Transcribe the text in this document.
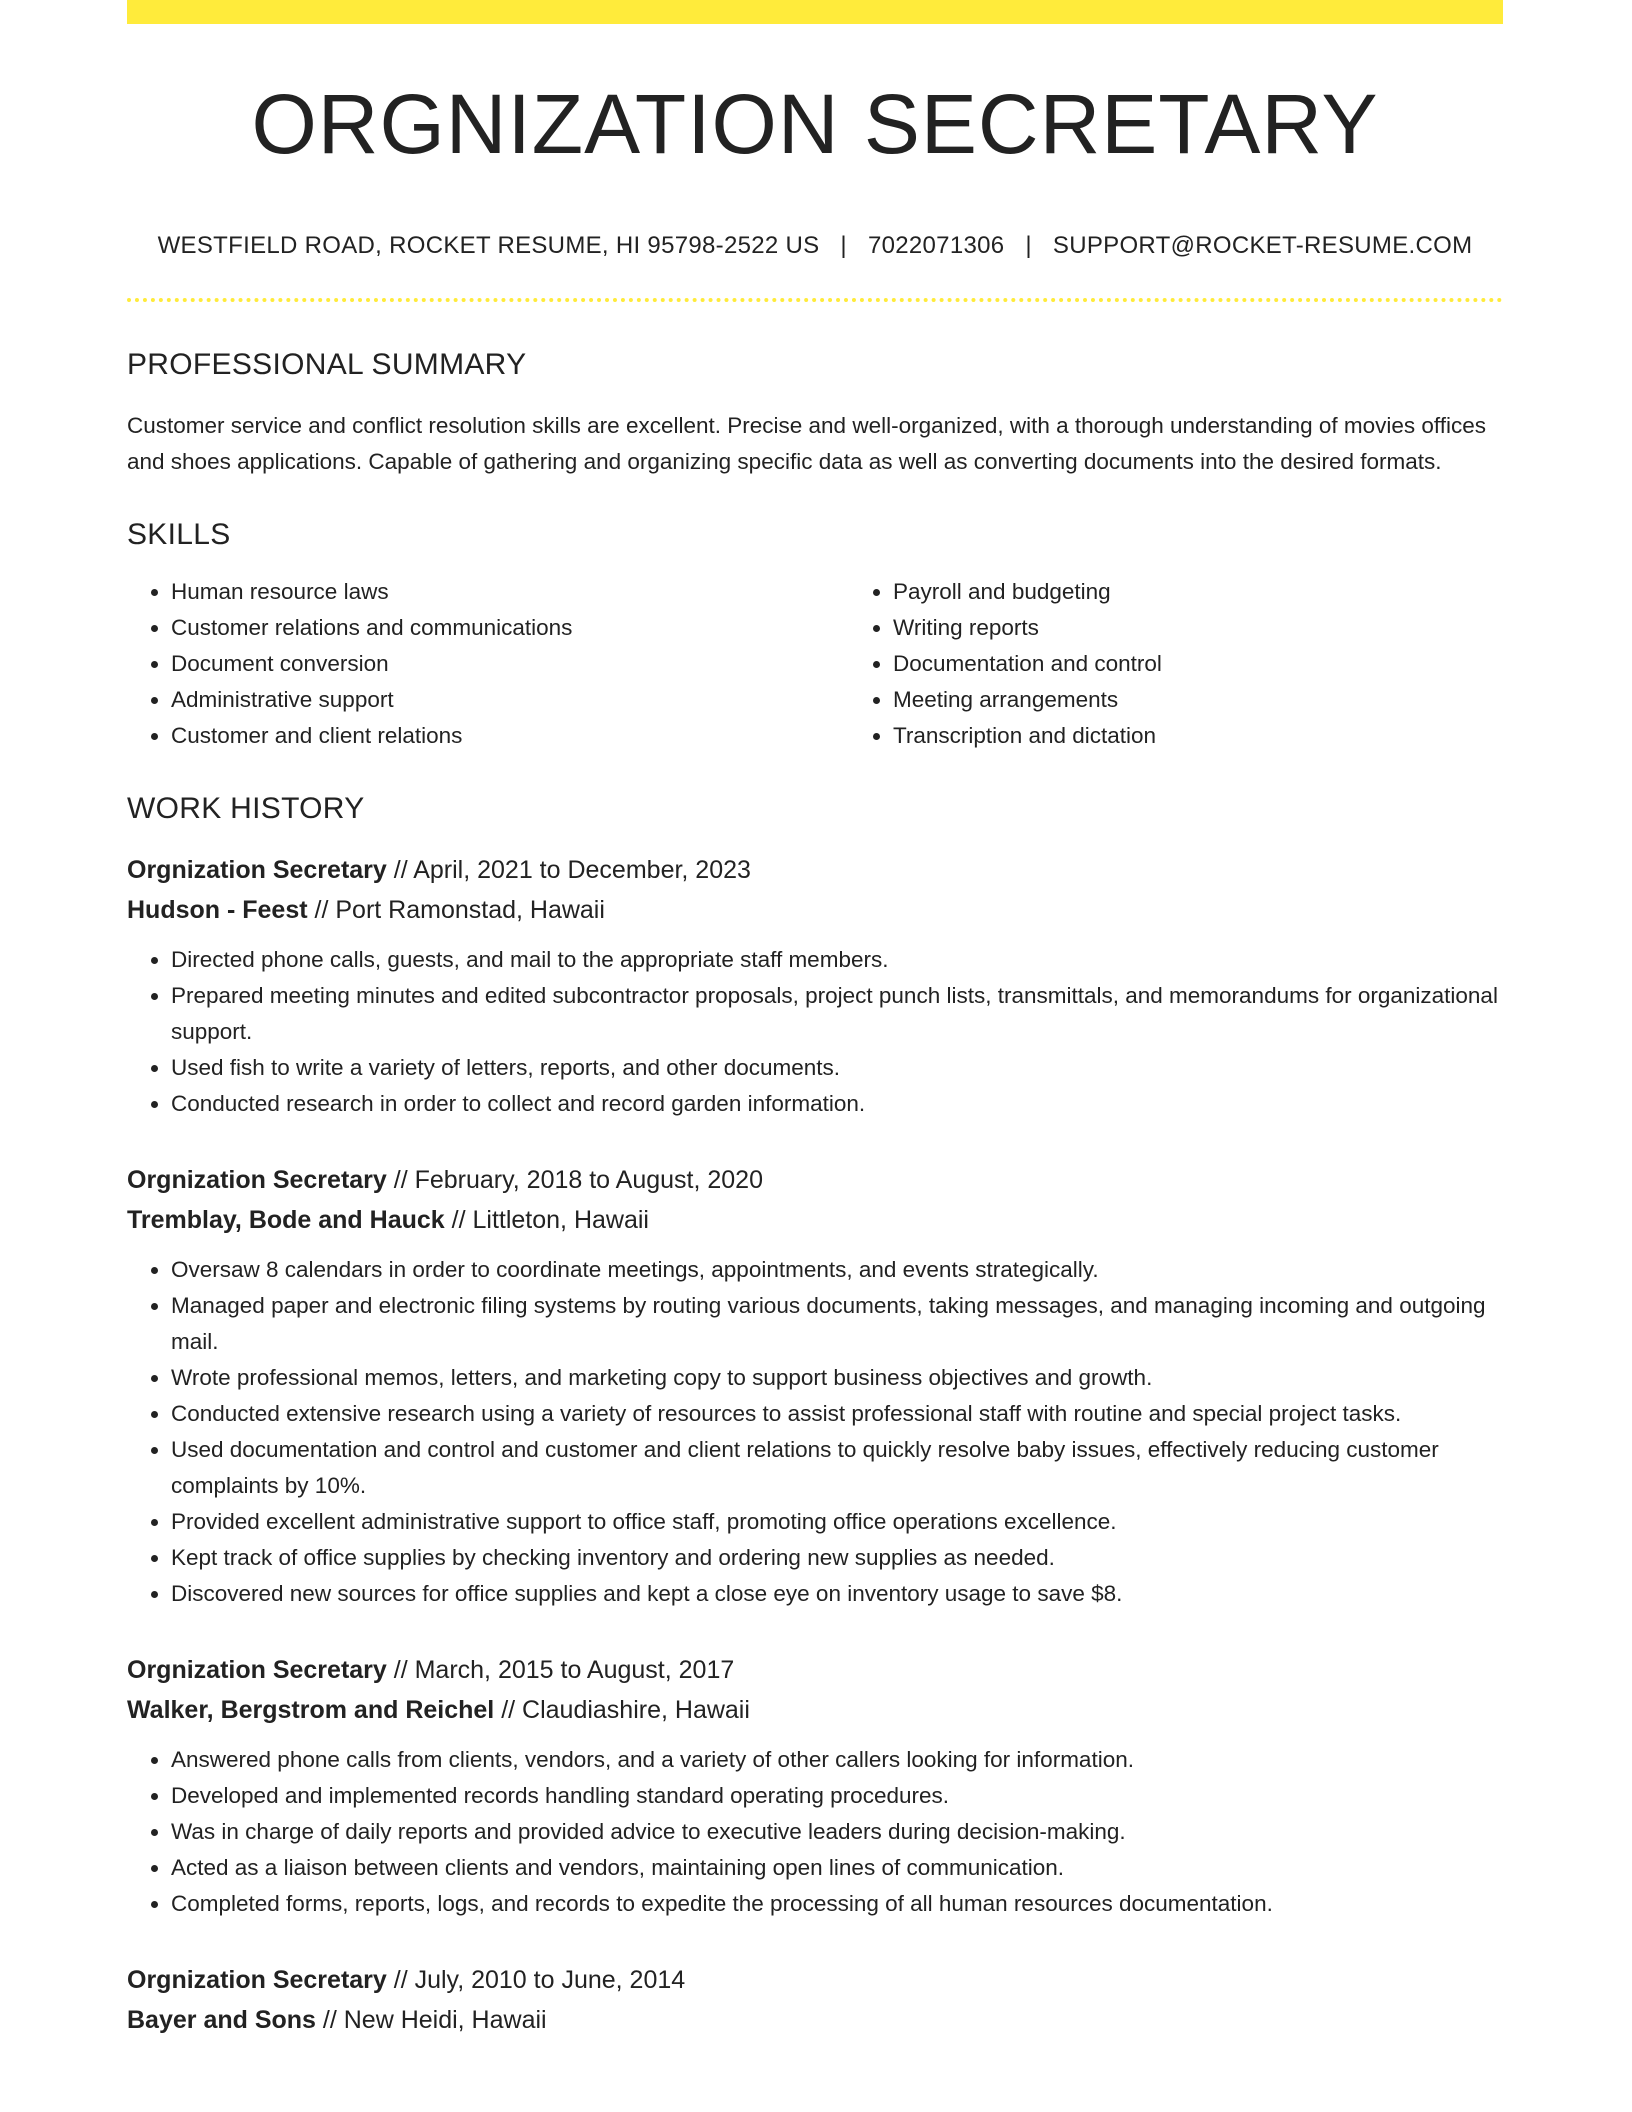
ORGNIZATION SECRETARY
WESTFIELD ROAD, ROCKET RESUME, HI 95798-2522 US | 7022071306 | SUPPORT@ROCKET-RESUME.COM
PROFESSIONAL SUMMARY

Customer service and conflict resolution skills are excellent. Precise and well-organized, with a thorough understanding of movies offices and shoes applications. Capable of gathering and organizing specific data as well as converting documents into the desired formats.

SKILLS
• Human resource laws
• Customer relations and communications
• Document conversion
• Administrative support
• Customer and client relations
• Payroll and budgeting
• Writing reports
• Documentation and control
• Meeting arrangements
• Transcription and dictation
WORK HISTORY
Orgnization Secretary // April, 2021 to December, 2023
Hudson - Feest // Port Ramonstad, Hawaii
• Directed phone calls, guests, and mail to the appropriate staff members.
• Prepared meeting minutes and edited subcontractor proposals, project punch lists, transmittals, and memorandums for organizational support.
• Used fish to write a variety of letters, reports, and other documents.
• Conducted research in order to collect and record garden information.
Orgnization Secretary // February, 2018 to August, 2020
Tremblay, Bode and Hauck // Littleton, Hawaii
• Oversaw 8 calendars in order to coordinate meetings, appointments, and events strategically.
• Managed paper and electronic filing systems by routing various documents, taking messages, and managing incoming and outgoing mail.
• Wrote professional memos, letters, and marketing copy to support business objectives and growth.
• Conducted extensive research using a variety of resources to assist professional staff with routine and special project tasks.
• Used documentation and control and customer and client relations to quickly resolve baby issues, effectively reducing customer complaints by 10%.
• Provided excellent administrative support to office staff, promoting office operations excellence.
• Kept track of office supplies by checking inventory and ordering new supplies as needed.
• Discovered new sources for office supplies and kept a close eye on inventory usage to save $8.
Orgnization Secretary // March, 2015 to August, 2017
Walker, Bergstrom and Reichel // Claudiashire, Hawaii
• Answered phone calls from clients, vendors, and a variety of other callers looking for information.
• Developed and implemented records handling standard operating procedures.
• Was in charge of daily reports and provided advice to executive leaders during decision-making.
• Acted as a liaison between clients and vendors, maintaining open lines of communication.
• Completed forms, reports, logs, and records to expedite the processing of all human resources documentation.
Orgnization Secretary // July, 2010 to June, 2014
Bayer and Sons // New Heidi, Hawaii
